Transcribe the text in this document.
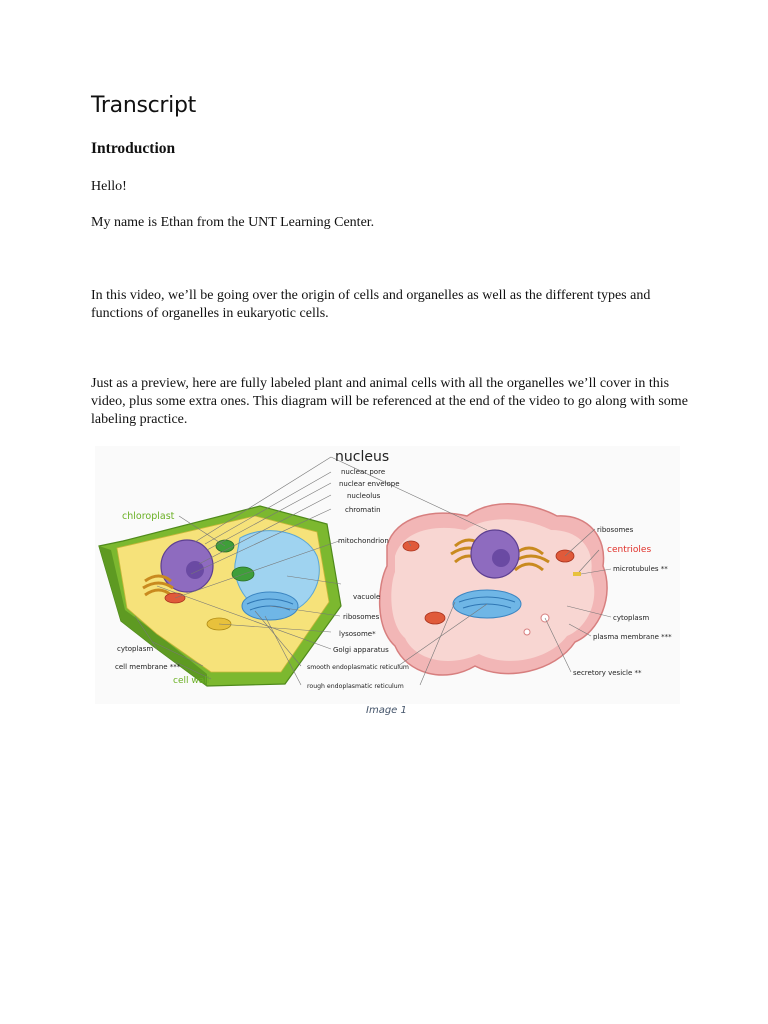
Transcript
Introduction

Hello!

My name is Ethan from the UNT Learning Center.

In this video, we’ll be going over the origin of cells and organelles as well as the different types and functions of organelles in eukaryotic cells.

Just as a preview, here are fully labeled plant and animal cells with all the organelles we’ll cover in this video, plus some extra ones. This diagram will be referenced at the end of the video to go along with some labeling practice.

nucleus
nuclear pore
nuclear envelope
nucleolus
chromatin
mitochondrion
chloroplast
vacuole
ribosomes
lysosome*
Golgi apparatus
smooth endoplasmatic reticulum
rough endoplasmatic reticulum
cytoplasm
cell membrane ***
cell wall
ribosomes
centrioles
microtubules **
cytoplasm
plasma membrane ***
secretory vesicle **
Image 1
